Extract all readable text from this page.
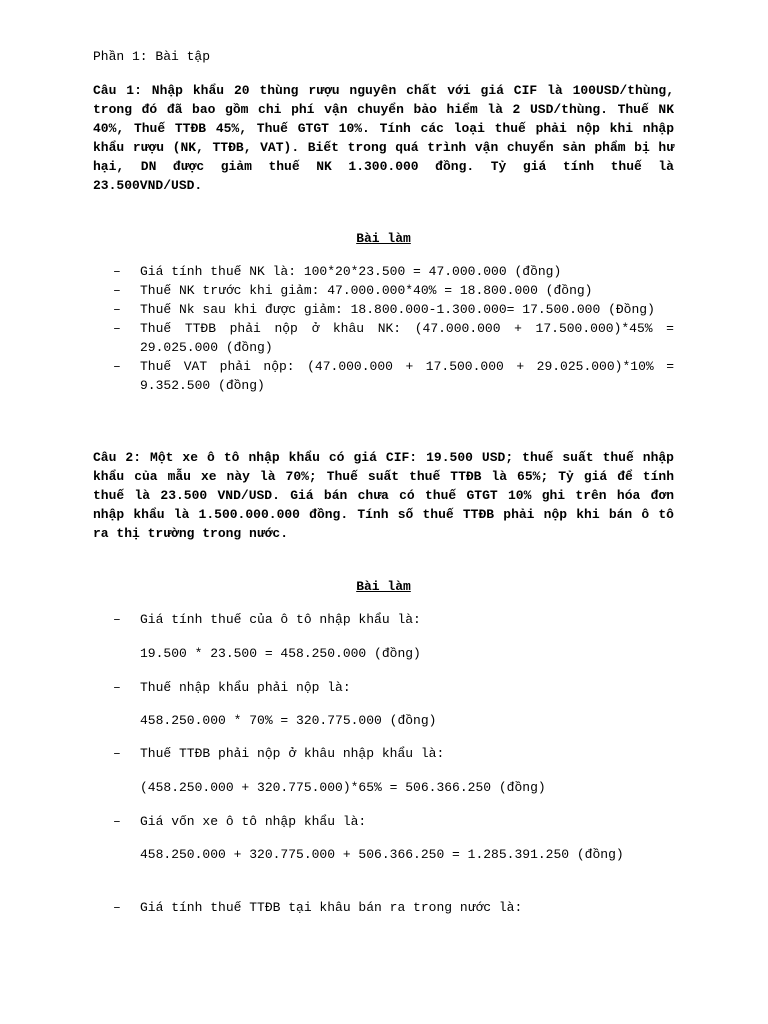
Phần 1: Bài tập

Câu 1: Nhập khẩu 20 thùng rượu nguyên chất với giá CIF là 100USD/thùng, trong đó đã bao gồm chi phí vận chuyển bảo hiểm là 2 USD/thùng. Thuế NK 40%, Thuế TTĐB 45%, Thuế GTGT 10%. Tính các loại thuế phải nộp khi nhập khẩu rượu (NK, TTĐB, VAT). Biết trong quá trình vận chuyển sản phẩm bị hư hại, DN được giảm thuế NK 1.300.000 đồng. Tỷ giá tính thuế là 23.500VND/USD.

Bài làm

– Giá tính thuế NK là: 100*20*23.500 = 47.000.000 (đồng)
– Thuế NK trước khi giảm: 47.000.000*40% = 18.800.000 (đồng)
– Thuế Nk sau khi được giảm: 18.800.000-1.300.000= 17.500.000 (Đồng)
– Thuế TTĐB phải nộp ở khâu NK: (47.000.000 + 17.500.000)*45% = 29.025.000 (đồng)
– Thuế VAT phải nộp: (47.000.000 + 17.500.000 + 29.025.000)*10% = 9.352.500 (đồng)

Câu 2: Một xe ô tô nhập khẩu có giá CIF: 19.500 USD; thuế suất thuế nhập khẩu của mẫu xe này là 70%; Thuế suất thuế TTĐB là 65%; Tỷ giá để tính thuế là 23.500 VND/USD. Giá bán chưa có thuế GTGT 10% ghi trên hóa đơn nhập khẩu là 1.500.000.000 đồng. Tính số thuế TTĐB phải nộp khi bán ô tô ra thị trường trong nước.

Bài làm

– Giá tính thuế của ô tô nhập khẩu là:

19.500 * 23.500 = 458.250.000 (đồng)

– Thuế nhập khẩu phải nộp là:

458.250.000 * 70% = 320.775.000 (đồng)

– Thuế TTĐB phải nộp ở khâu nhập khẩu là:

(458.250.000 + 320.775.000)*65% = 506.366.250 (đồng)

– Giá vốn xe ô tô nhập khẩu là:

458.250.000 + 320.775.000 + 506.366.250 = 1.285.391.250 (đồng)

– Giá tính thuế TTĐB tại khâu bán ra trong nước là:
